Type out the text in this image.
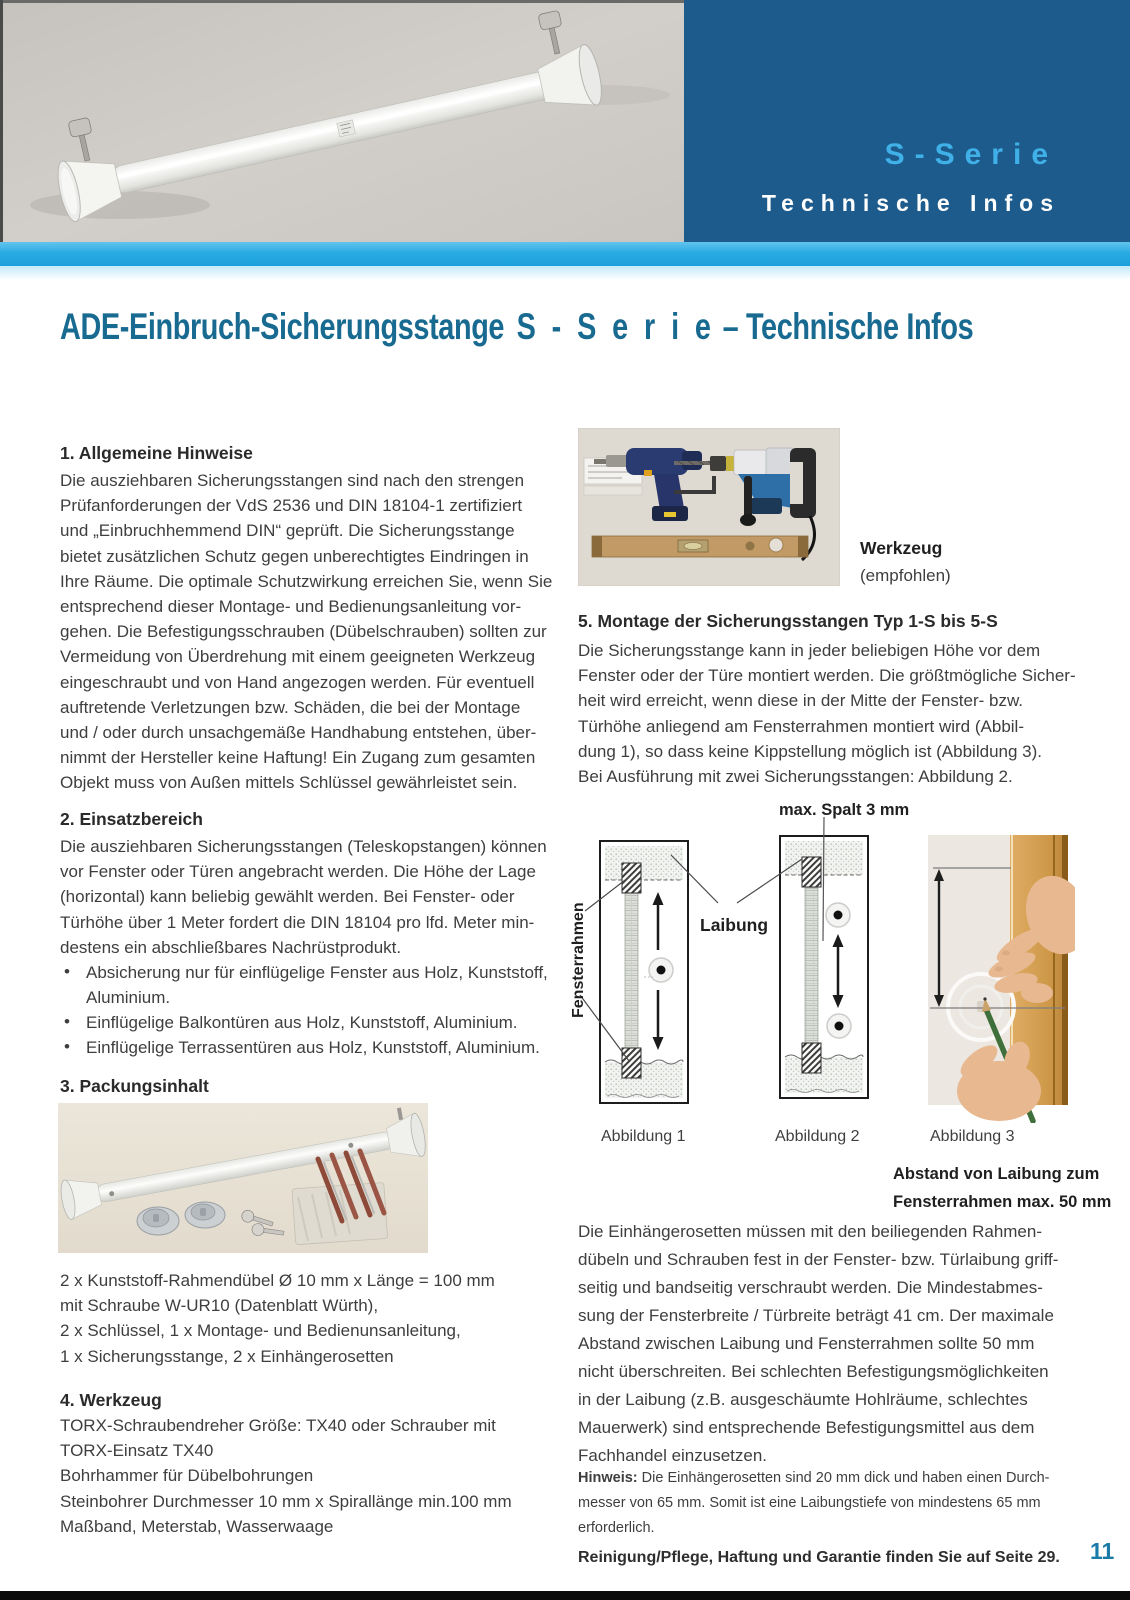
S-Serie
Technische Infos
ADE-Einbruch-Sicherungsstange S - S e r i e – Technische Infos
1. Allgemeine Hinweise
Die ausziehbaren Sicherungsstangen sind nach den strengen
Prüfanforderungen der VdS 2536 und DIN 18104-1 zertifiziert
und „Einbruchhemmend DIN“ geprüft. Die Sicherungsstange
bietet zusätzlichen Schutz gegen unberechtigtes Eindringen in
Ihre Räume. Die optimale Schutzwirkung erreichen Sie, wenn Sie
entsprechend dieser Montage- und Bedienungsanleitung vor-
gehen. Die Befestigungsschrauben (Dübelschrauben) sollten zur
Vermeidung von Überdrehung mit einem geeigneten Werkzeug
eingeschraubt und von Hand angezogen werden. Für eventuell
auftretende Verletzungen bzw. Schäden, die bei der Montage
und / oder durch unsachgemäße Handhabung entstehen, über-
nimmt der Hersteller keine Haftung! Ein Zugang zum gesamten
Objekt muss von Außen mittels Schlüssel gewährleistet sein.
2. Einsatzbereich
Die ausziehbaren Sicherungsstangen (Teleskopstangen) können
vor Fenster oder Türen angebracht werden. Die Höhe der Lage
(horizontal) kann beliebig gewählt werden. Bei Fenster- oder
Türhöhe über 1 Meter fordert die DIN 18104 pro lfd. Meter min-
destens ein abschließbares Nachrüstprodukt.
• Absicherung nur für einflügelige Fenster aus Holz, Kunststoff,
Aluminium.
• Einflügelige Balkontüren aus Holz, Kunststoff, Aluminium.
• Einflügelige Terrassentüren aus Holz, Kunststoff, Aluminium.
3. Packungsinhalt
2 x Kunststoff-Rahmendübel Ø 10 mm x Länge = 100 mm
mit Schraube W-UR10 (Datenblatt Würth),
2 x Schlüssel, 1 x Montage- und Bedienunsanleitung,
1 x Sicherungsstange, 2 x Einhängerosetten
4. Werkzeug
TORX-Schraubendreher Größe: TX40 oder Schrauber mit
TORX-Einsatz TX40
Bohrhammer für Dübelbohrungen
Steinbohrer Durchmesser 10 mm x Spirallänge min.100 mm
Maßband, Meterstab, Wasserwaage
Werkzeug
(empfohlen)
5. Montage der Sicherungsstangen Typ 1-S bis 5-S
Die Sicherungsstange kann in jeder beliebigen Höhe vor dem
Fenster oder der Türe montiert werden. Die größtmögliche Sicher-
heit wird erreicht, wenn diese in der Mitte der Fenster- bzw.
Türhöhe anliegend am Fensterrahmen montiert wird (Abbil-
dung 1), so dass keine Kippstellung möglich ist (Abbildung 3).
Bei Ausführung mit zwei Sicherungsstangen: Abbildung 2.
max. Spalt 3 mm
Laibung
Fensterrahmen
Abbildung 1	Abbildung 2	Abbildung 3
Abstand von Laibung zum
Fensterrahmen max. 50 mm
Die Einhängerosetten müssen mit den beiliegenden Rahmen-
dübeln und Schrauben fest in der Fenster- bzw. Türlaibung griff-
seitig und bandseitig verschraubt werden. Die Mindestabmes-
sung der Fensterbreite / Türbreite beträgt 41 cm. Der maximale
Abstand zwischen Laibung und Fensterrahmen sollte 50 mm
nicht überschreiten. Bei schlechten Befestigungsmöglichkeiten
in der Laibung (z.B. ausgeschäumte Hohlräume, schlechtes
Mauerwerk) sind entsprechende Befestigungsmittel aus dem
Fachhandel einzusetzen.
Hinweis: Die Einhängerosetten sind 20 mm dick und haben einen Durch-
messer von 65 mm. Somit ist eine Laibungstiefe von mindestens 65 mm
erforderlich.
Reinigung/Pflege, Haftung und Garantie finden Sie auf Seite 29. 11
